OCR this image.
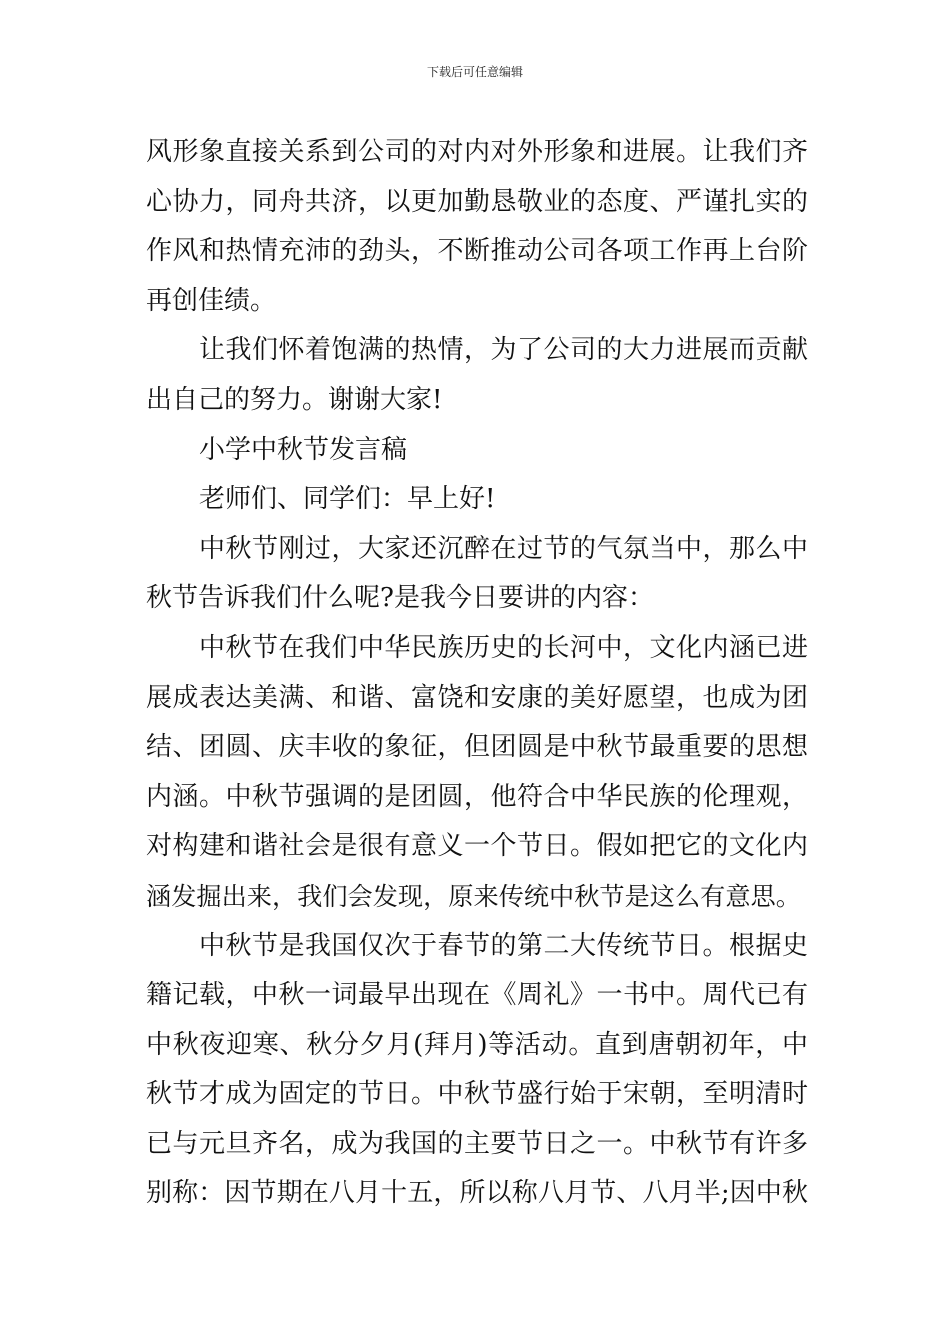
下载后可任意编辑
风形象直接关系到公司的对内对外形象和进展。让我们齐
心协力，同舟共济，以更加勤恳敬业的态度、严谨扎实的
作风和热情充沛的劲头，不断推动公司各项工作再上台阶
再创佳绩。
让我们怀着饱满的热情，为了公司的大力进展而贡献
出自己的努力。谢谢大家!
小学中秋节发言稿
老师们、同学们：早上好!
中秋节刚过，大家还沉醉在过节的气氛当中，那么中
秋节告诉我们什么呢?是我今日要讲的内容：
中秋节在我们中华民族历史的长河中，文化内涵已进
展成表达美满、和谐、富饶和安康的美好愿望，也成为团
结、团圆、庆丰收的象征，但团圆是中秋节最重要的思想
内涵。中秋节强调的是团圆，他符合中华民族的伦理观，
对构建和谐社会是很有意义一个节日。假如把它的文化内
涵发掘出来，我们会发现，原来传统中秋节是这么有意思。
中秋节是我国仅次于春节的第二大传统节日。根据史
籍记载，中秋一词最早出现在《周礼》一书中。周代已有
中秋夜迎寒、秋分夕月(拜月)等活动。直到唐朝初年，中
秋节才成为固定的节日。中秋节盛行始于宋朝，至明清时
已与元旦齐名，成为我国的主要节日之一。中秋节有许多
别称：因节期在八月十五，所以称八月节、八月半;因中秋
